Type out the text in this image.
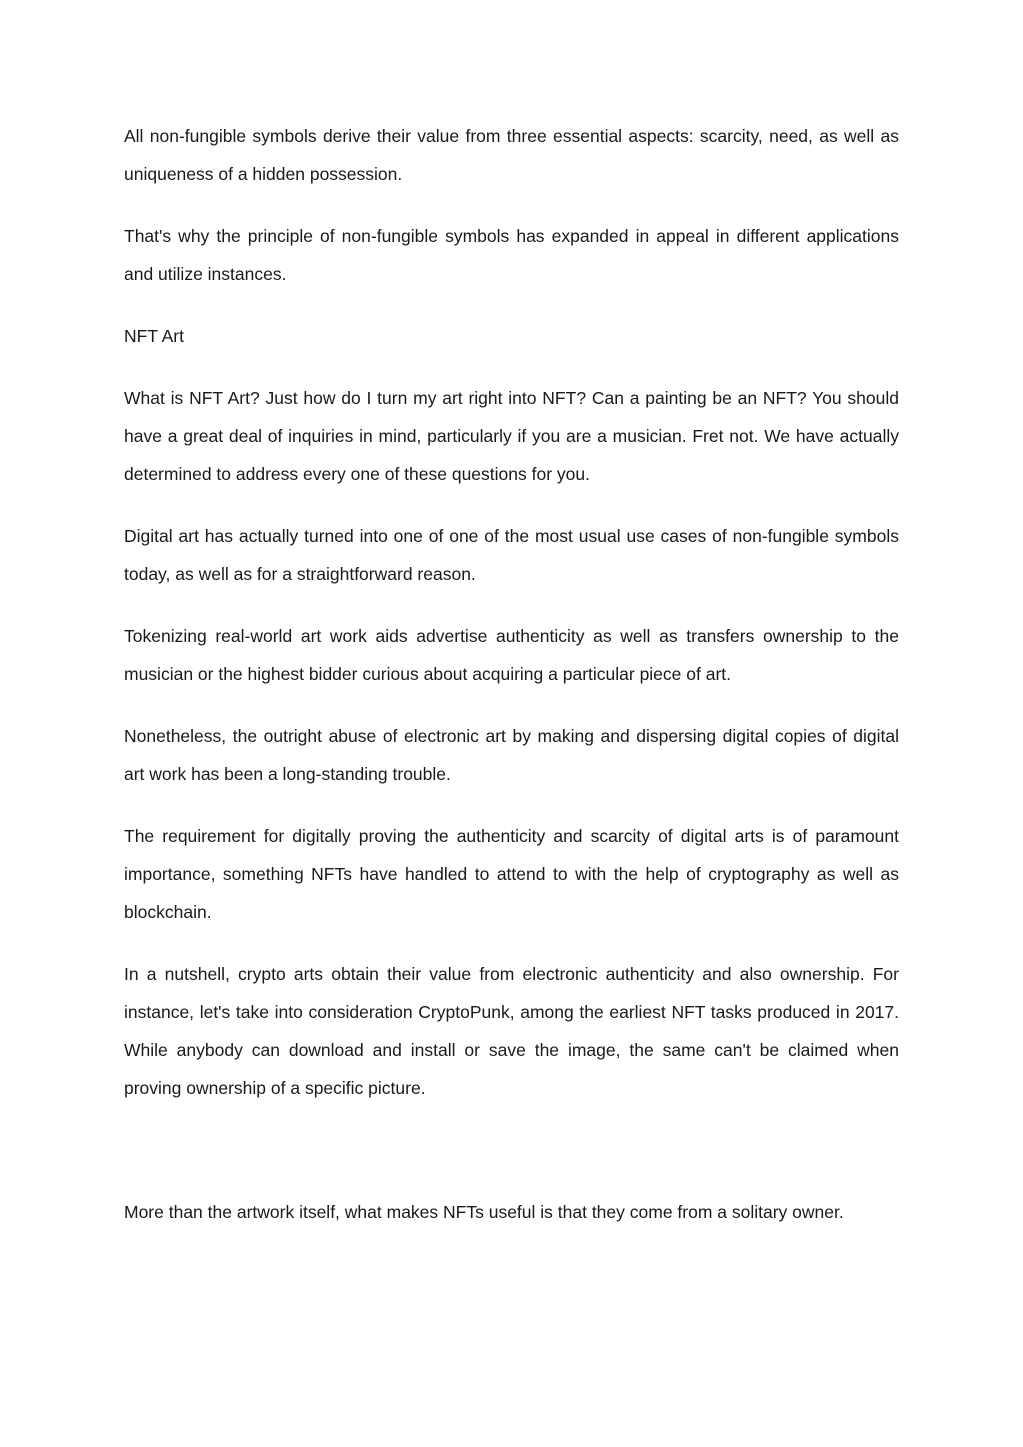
All non-fungible symbols derive their value from three essential aspects: scarcity, need, as well as uniqueness of a hidden possession.

That's why the principle of non-fungible symbols has expanded in appeal in different applications and utilize instances.

NFT Art

What is NFT Art? Just how do I turn my art right into NFT? Can a painting be an NFT? You should have a great deal of inquiries in mind, particularly if you are a musician. Fret not. We have actually determined to address every one of these questions for you.

Digital art has actually turned into one of one of the most usual use cases of non-fungible symbols today, as well as for a straightforward reason.

Tokenizing real-world art work aids advertise authenticity as well as transfers ownership to the musician or the highest bidder curious about acquiring a particular piece of art.

Nonetheless, the outright abuse of electronic art by making and dispersing digital copies of digital art work has been a long-standing trouble.

The requirement for digitally proving the authenticity and scarcity of digital arts is of paramount importance, something NFTs have handled to attend to with the help of cryptography as well as blockchain.

In a nutshell, crypto arts obtain their value from electronic authenticity and also ownership. For instance, let's take into consideration CryptoPunk, among the earliest NFT tasks produced in 2017. While anybody can download and install or save the image, the same can't be claimed when proving ownership of a specific picture.

More than the artwork itself, what makes NFTs useful is that they come from a solitary owner.
